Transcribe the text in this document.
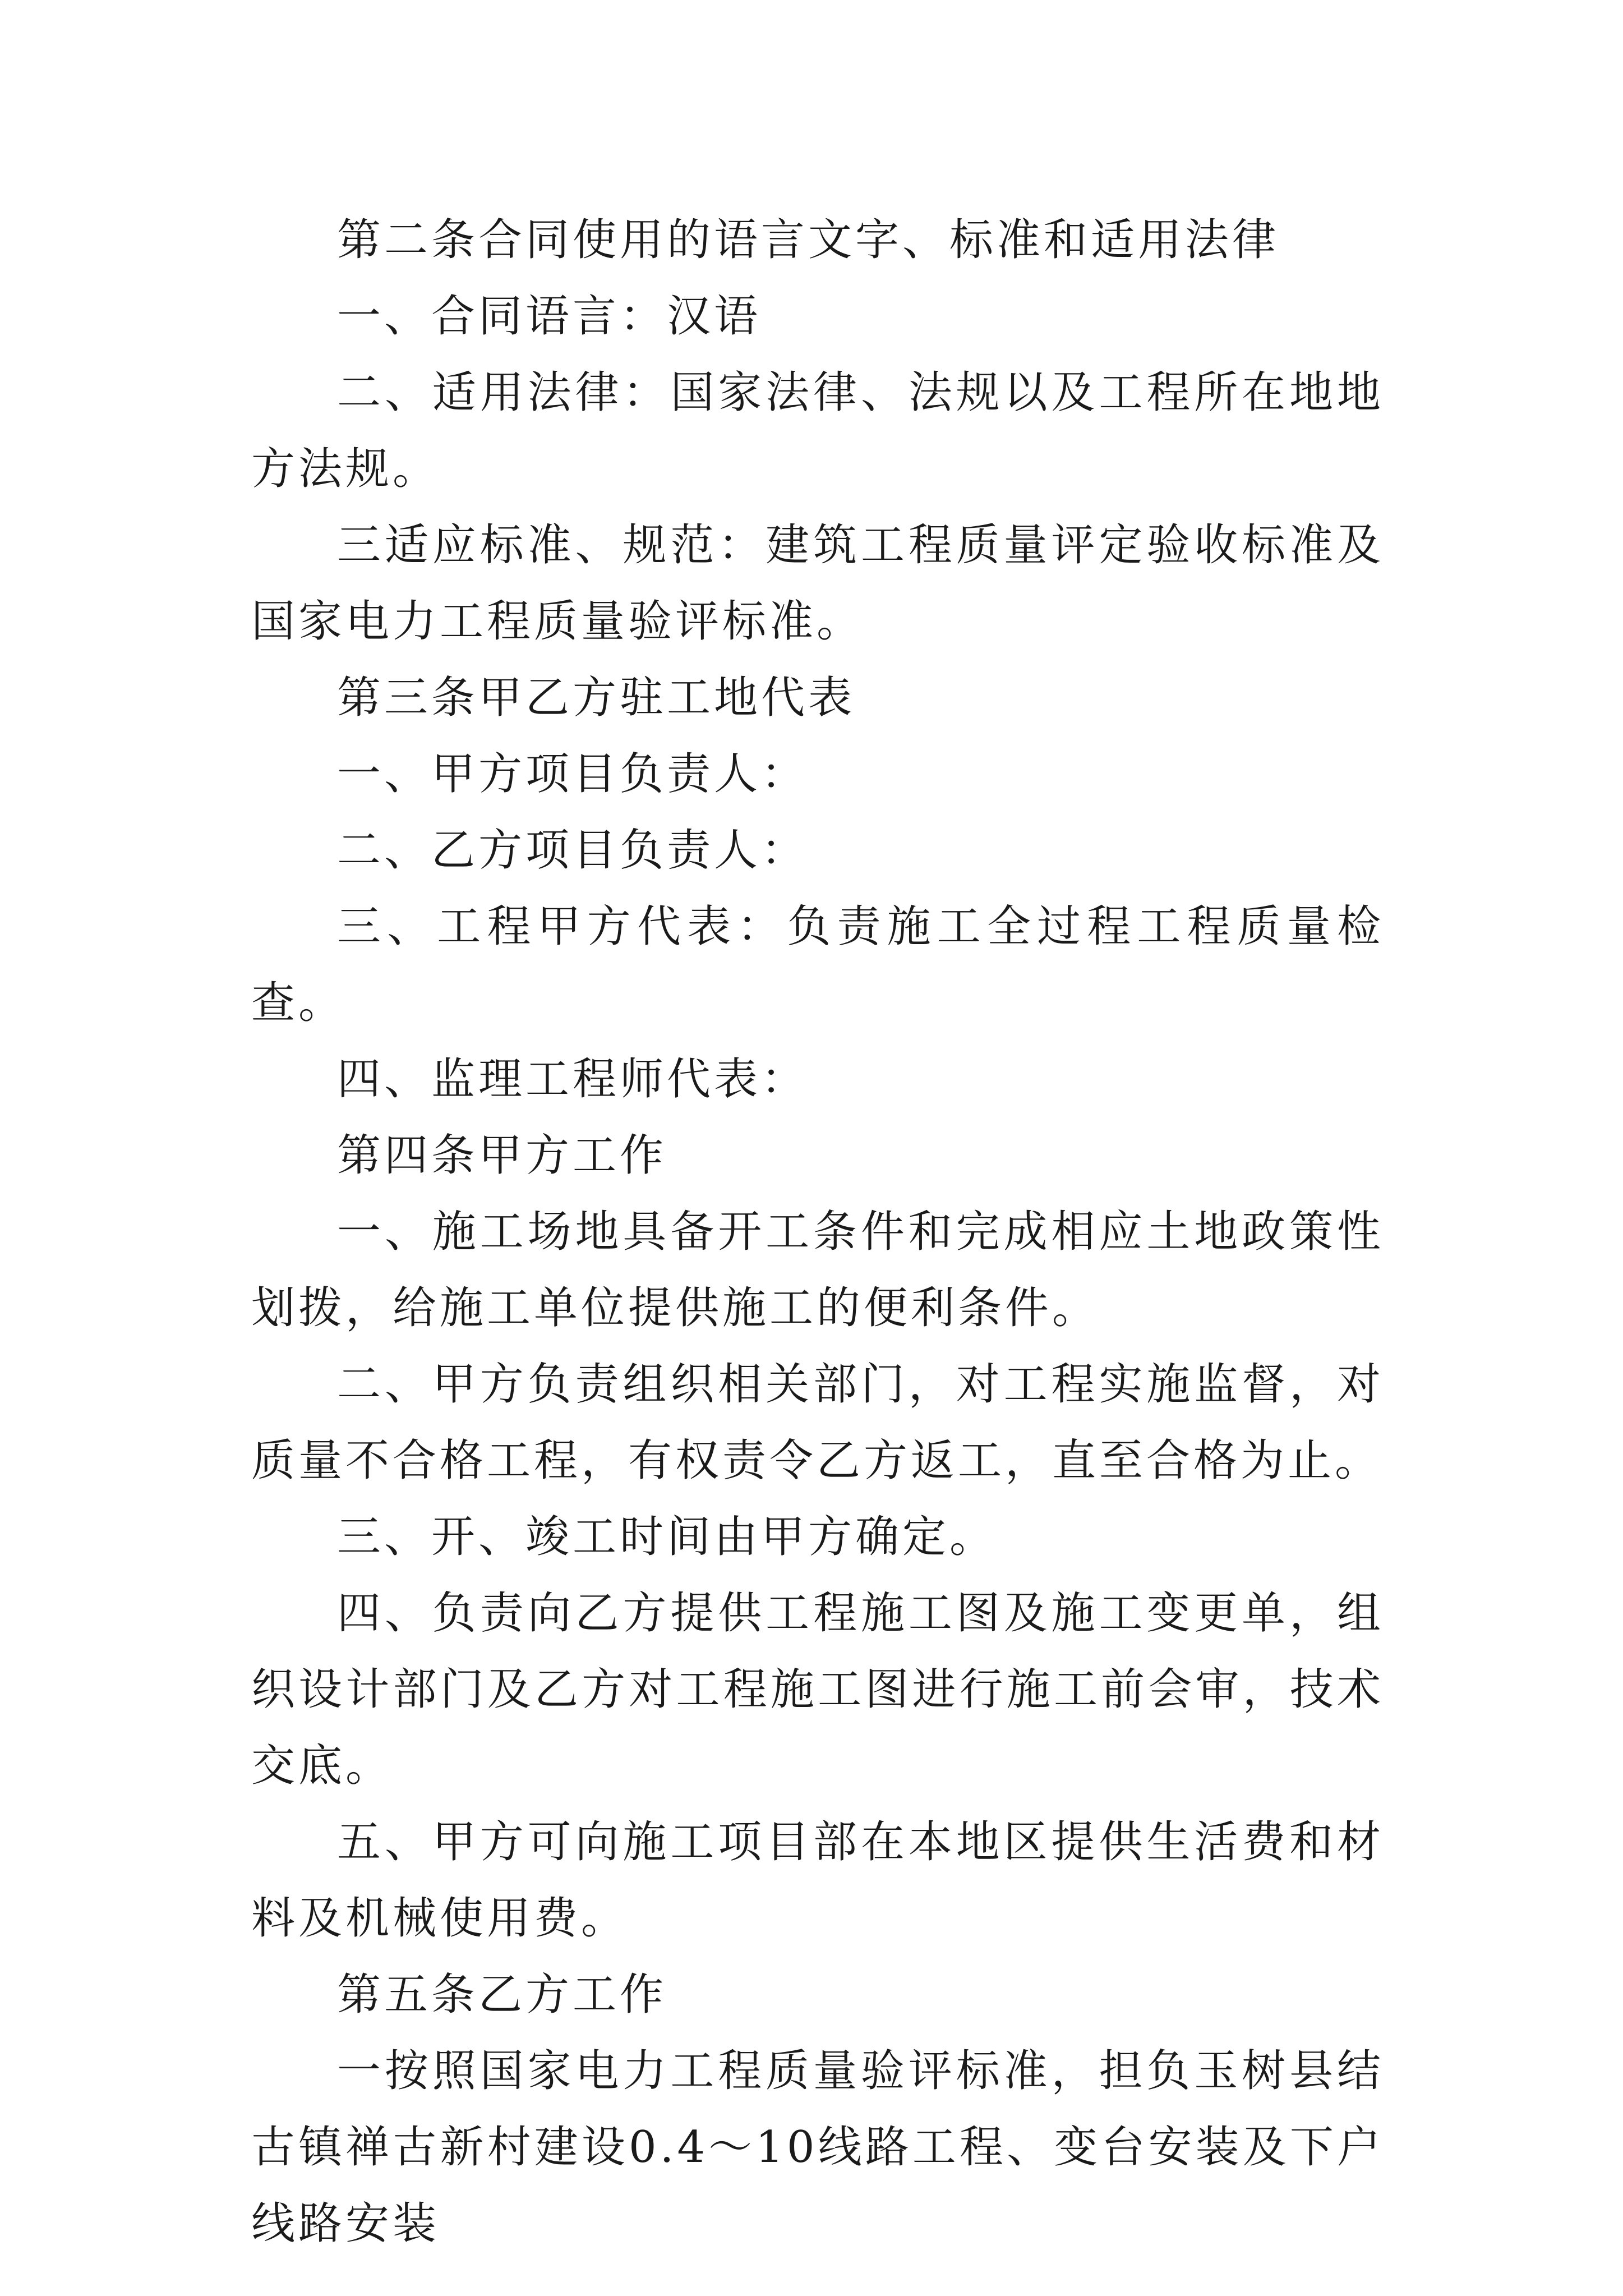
第二条合同使用的语言文字、标准和适用法律

一、合同语言：汉语

二、适用法律：国家法律、法规以及工程所在地地方法规。

三适应标准、规范：建筑工程质量评定验收标准及国家电力工程质量验评标准。

第三条甲乙方驻工地代表

一、甲方项目负责人：

二、乙方项目负责人：

三、工程甲方代表：负责施工全过程工程质量检查。

四、监理工程师代表：

第四条甲方工作

一、施工场地具备开工条件和完成相应土地政策性划拨，给施工单位提供施工的便利条件。

二、甲方负责组织相关部门，对工程实施监督，对质量不合格工程，有权责令乙方返工，直至合格为止。

三、开、竣工时间由甲方确定。

四、负责向乙方提供工程施工图及施工变更单，组织设计部门及乙方对工程施工图进行施工前会审，技术交底。

五、甲方可向施工项目部在本地区提供生活费和材料及机械使用费。

第五条乙方工作

一按照国家电力工程质量验评标准，担负玉树县结古镇禅古新村建设0.4～10线路工程、变台安装及下户线路安装
